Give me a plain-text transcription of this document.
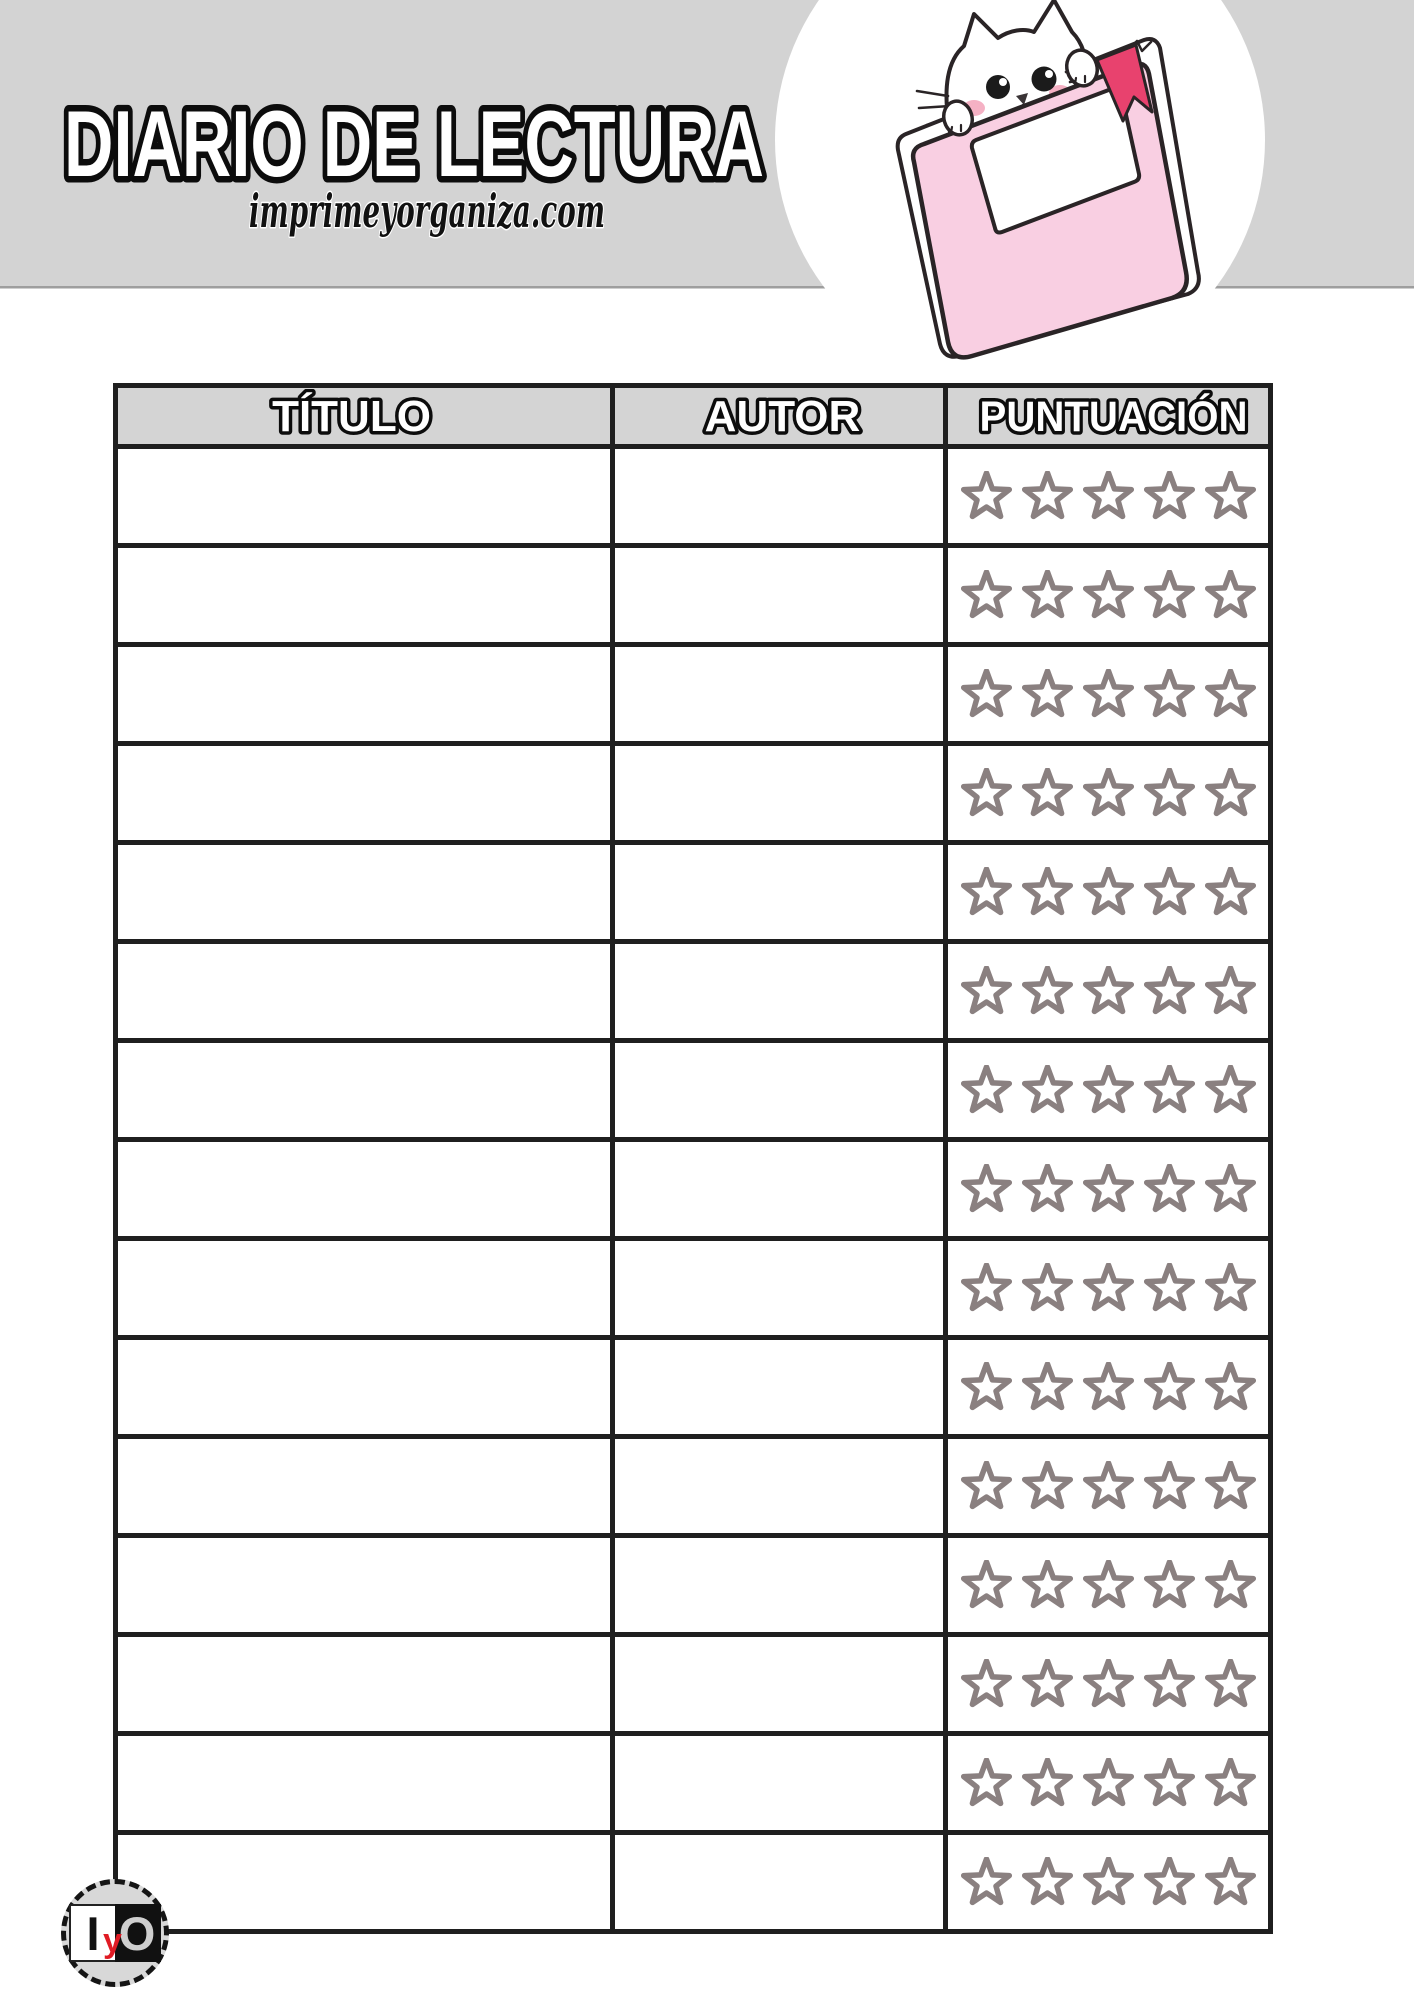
DIARIO DE LECTURA
imprimeyorganiza.com
TÍTULO	AUTOR	PUNTUACIÓN

I O
y
